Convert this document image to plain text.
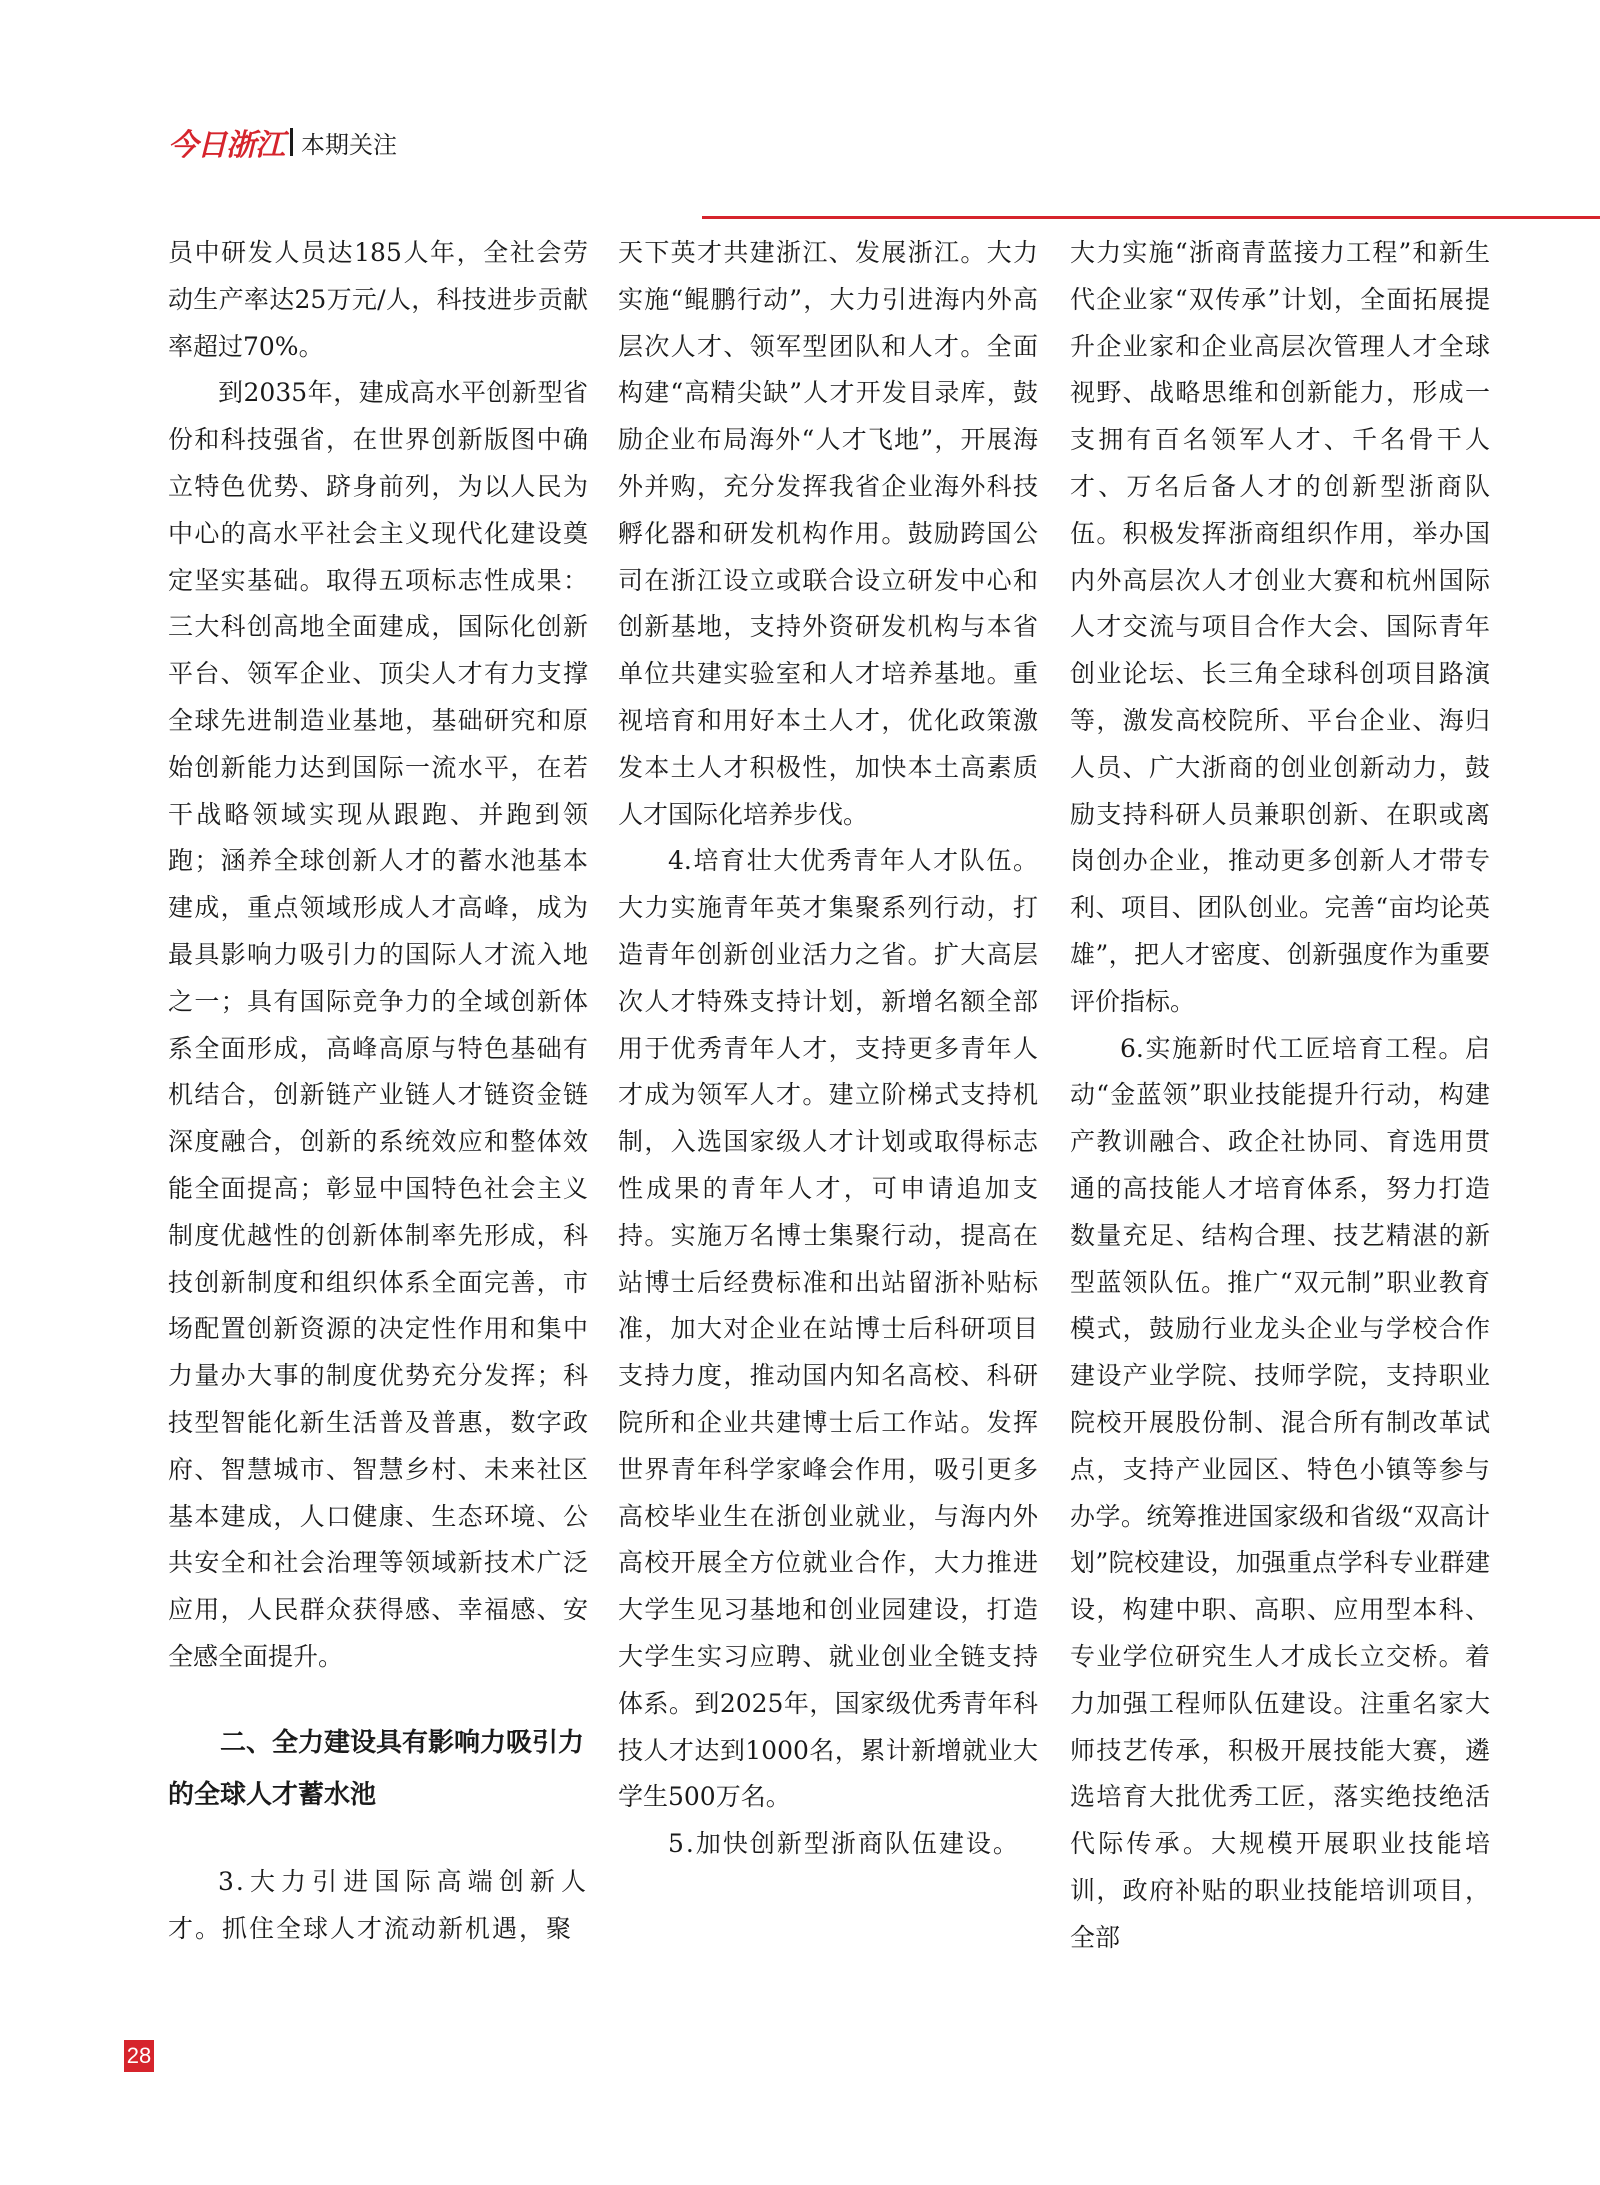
今日浙江 本期关注

员中研发人员达185人年，全社会劳动生产率达25万元/人，科技进步贡献率超过70%。

到2035年，建成高水平创新型省份和科技强省，在世界创新版图中确立特色优势、跻身前列，为以人民为中心的高水平社会主义现代化建设奠定坚实基础。取得五项标志性成果：三大科创高地全面建成，国际化创新平台、领军企业、顶尖人才有力支撑全球先进制造业基地，基础研究和原始创新能力达到国际一流水平，在若干战略领域实现从跟跑、并跑到领跑；涵养全球创新人才的蓄水池基本建成，重点领域形成人才高峰，成为最具影响力吸引力的国际人才流入地之一；具有国际竞争力的全域创新体系全面形成，高峰高原与特色基础有机结合，创新链产业链人才链资金链深度融合，创新的系统效应和整体效能全面提高；彰显中国特色社会主义制度优越性的创新体制率先形成，科技创新制度和组织体系全面完善，市场配置创新资源的决定性作用和集中力量办大事的制度优势充分发挥；科技型智能化新生活普及普惠，数字政府、智慧城市、智慧乡村、未来社区基本建成，人口健康、生态环境、公共安全和社会治理等领域新技术广泛应用，人民群众获得感、幸福感、安全感全面提升。

二、全力建设具有影响力吸引力的全球人才蓄水池

3.大力引进国际高端创新人才。抓住全球人才流动新机遇，聚

天下英才共建浙江、发展浙江。大力实施“鲲鹏行动”，大力引进海内外高层次人才、领军型团队和人才。全面构建“高精尖缺”人才开发目录库，鼓励企业布局海外“人才飞地”，开展海外并购，充分发挥我省企业海外科技孵化器和研发机构作用。鼓励跨国公司在浙江设立或联合设立研发中心和创新基地，支持外资研发机构与本省单位共建实验室和人才培养基地。重视培育和用好本土人才，优化政策激发本土人才积极性，加快本土高素质人才国际化培养步伐。

4.培育壮大优秀青年人才队伍。大力实施青年英才集聚系列行动，打造青年创新创业活力之省。扩大高层次人才特殊支持计划，新增名额全部用于优秀青年人才，支持更多青年人才成为领军人才。建立阶梯式支持机制，入选国家级人才计划或取得标志性成果的青年人才，可申请追加支持。实施万名博士集聚行动，提高在站博士后经费标准和出站留浙补贴标准，加大对企业在站博士后科研项目支持力度，推动国内知名高校、科研院所和企业共建博士后工作站。发挥世界青年科学家峰会作用，吸引更多高校毕业生在浙创业就业，与海内外高校开展全方位就业合作，大力推进大学生见习基地和创业园建设，打造大学生实习应聘、就业创业全链支持体系。到2025年，国家级优秀青年科技人才达到1000名，累计新增就业大学生500万名。

5.加快创新型浙商队伍建设。

大力实施“浙商青蓝接力工程”和新生代企业家“双传承”计划，全面拓展提升企业家和企业高层次管理人才全球视野、战略思维和创新能力，形成一支拥有百名领军人才、千名骨干人才、万名后备人才的创新型浙商队伍。积极发挥浙商组织作用，举办国内外高层次人才创业大赛和杭州国际人才交流与项目合作大会、国际青年创业论坛、长三角全球科创项目路演等，激发高校院所、平台企业、海归人员、广大浙商的创业创新动力，鼓励支持科研人员兼职创新、在职或离岗创办企业，推动更多创新人才带专利、项目、团队创业。完善“亩均论英雄”，把人才密度、创新强度作为重要评价指标。

6.实施新时代工匠培育工程。启动“金蓝领”职业技能提升行动，构建产教训融合、政企社协同、育选用贯通的高技能人才培育体系，努力打造数量充足、结构合理、技艺精湛的新型蓝领队伍。推广“双元制”职业教育模式，鼓励行业龙头企业与学校合作建设产业学院、技师学院，支持职业院校开展股份制、混合所有制改革试点，支持产业园区、特色小镇等参与办学。统筹推进国家级和省级“双高计划”院校建设，加强重点学科专业群建设，构建中职、高职、应用型本科、专业学位研究生人才成长立交桥。着力加强工程师队伍建设。注重名家大师技艺传承，积极开展技能大赛，遴选培育大批优秀工匠，落实绝技绝活代际传承。大规模开展职业技能培训，政府补贴的职业技能培训项目，全部

28
